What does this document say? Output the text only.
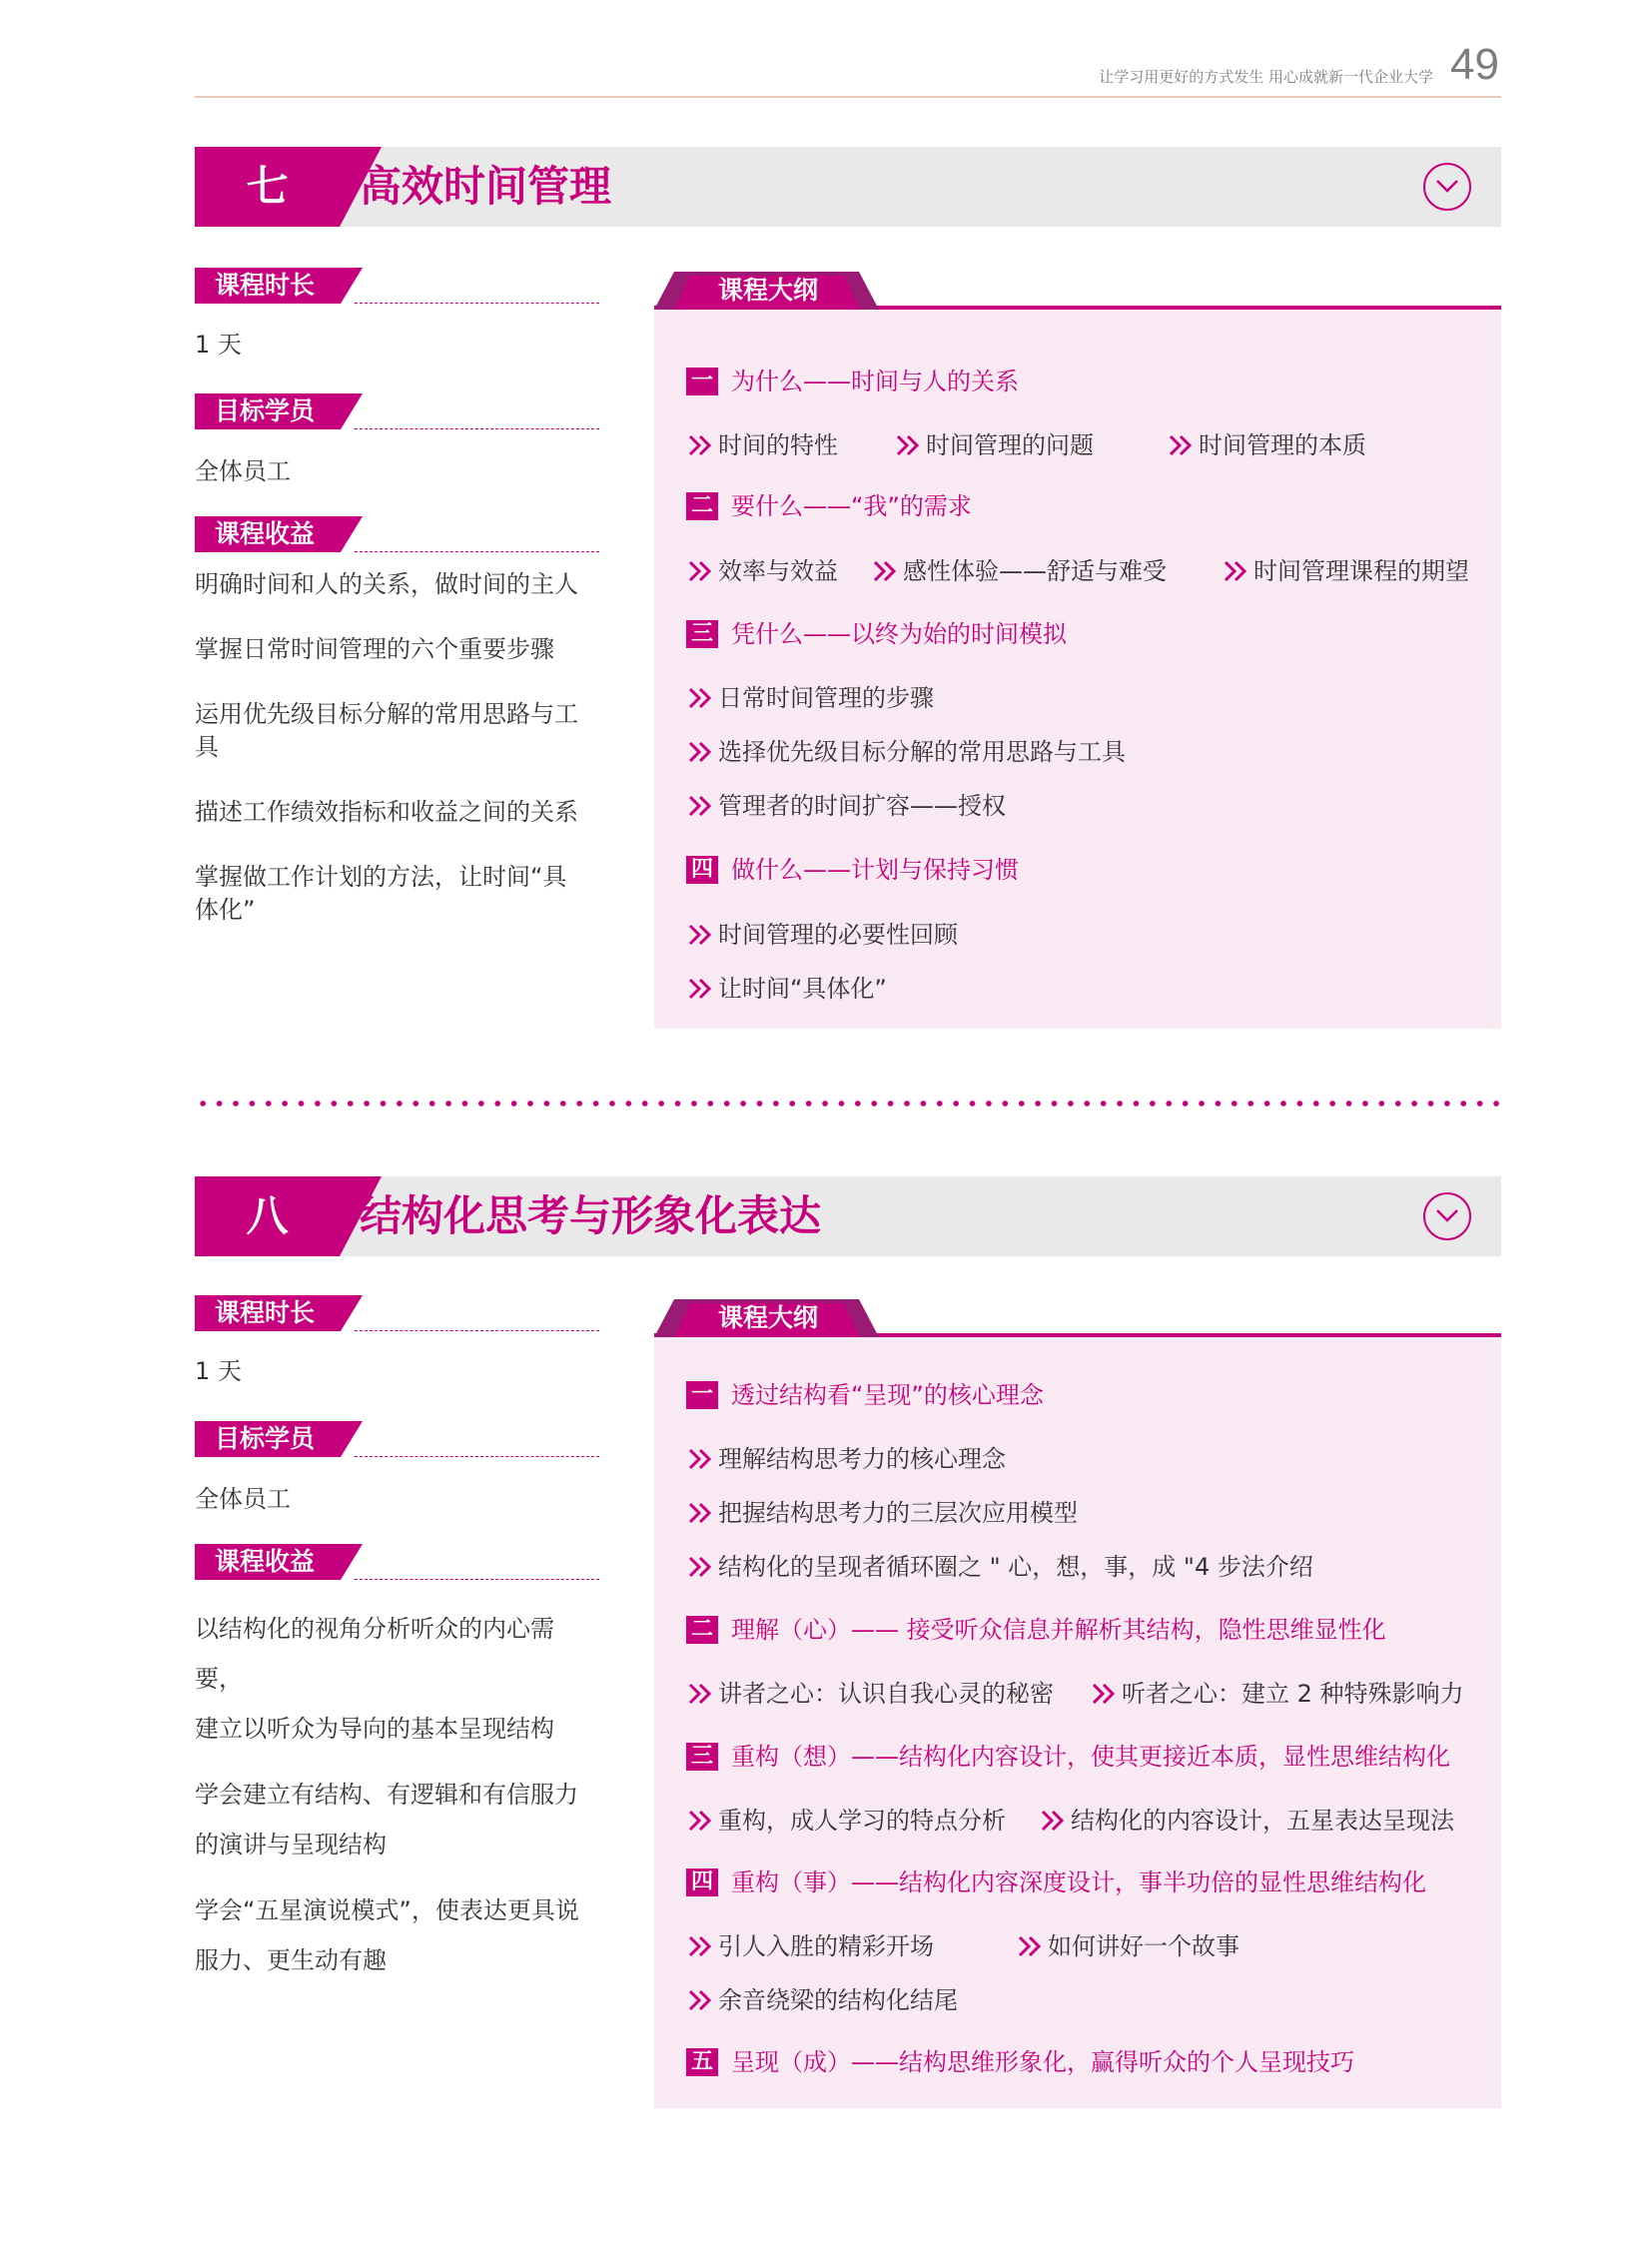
让学习用更好的方式发生 用心成就新一代企业大学 49
七	高效时间管理
课程时长
1 天
目标学员
全体员工
课程收益
明确时间和人的关系，做时间的主人
掌握日常时间管理的六个重要步骤
运用优先级目标分解的常用思路与工具
描述工作绩效指标和收益之间的关系
掌握做工作计划的方法，让时间“具
体化”
课程大纲
一 为什么——时间与人的关系
时间的特性	时间管理的问题	时间管理的本质
二 要什么——“我”的需求
效率与效益	感性体验——舒适与难受	时间管理课程的期望
三 凭什么——以终为始的时间模拟
日常时间管理的步骤
选择优先级目标分解的常用思路与工具
管理者的时间扩容——授权
四 做什么——计划与保持习惯
时间管理的必要性回顾
让时间“具体化”
八	结构化思考与形象化表达
课程时长
1 天
目标学员
全体员工
课程收益
以结构化的视角分析听众的内心需要，
建立以听众为导向的基本呈现结构
学会建立有结构、有逻辑和有信服力
的演讲与呈现结构
学会“五星演说模式”，使表达更具说
服力、更生动有趣
课程大纲
一 透过结构看“呈现”的核心理念
理解结构思考力的核心理念
把握结构思考力的三层次应用模型
结构化的呈现者循环圈之 " 心，想，事，成 "4 步法介绍
二 理解（心）—— 接受听众信息并解析其结构，隐性思维显性化
讲者之心：认识自我心灵的秘密	听者之心：建立 2 种特殊影响力
三 重构（想）——结构化内容设计，使其更接近本质，显性思维结构化
重构，成人学习的特点分析	结构化的内容设计，五星表达呈现法
四 重构（事）——结构化内容深度设计，事半功倍的显性思维结构化
引人入胜的精彩开场	如何讲好一个故事
余音绕梁的结构化结尾
五 呈现（成）——结构思维形象化，赢得听众的个人呈现技巧
